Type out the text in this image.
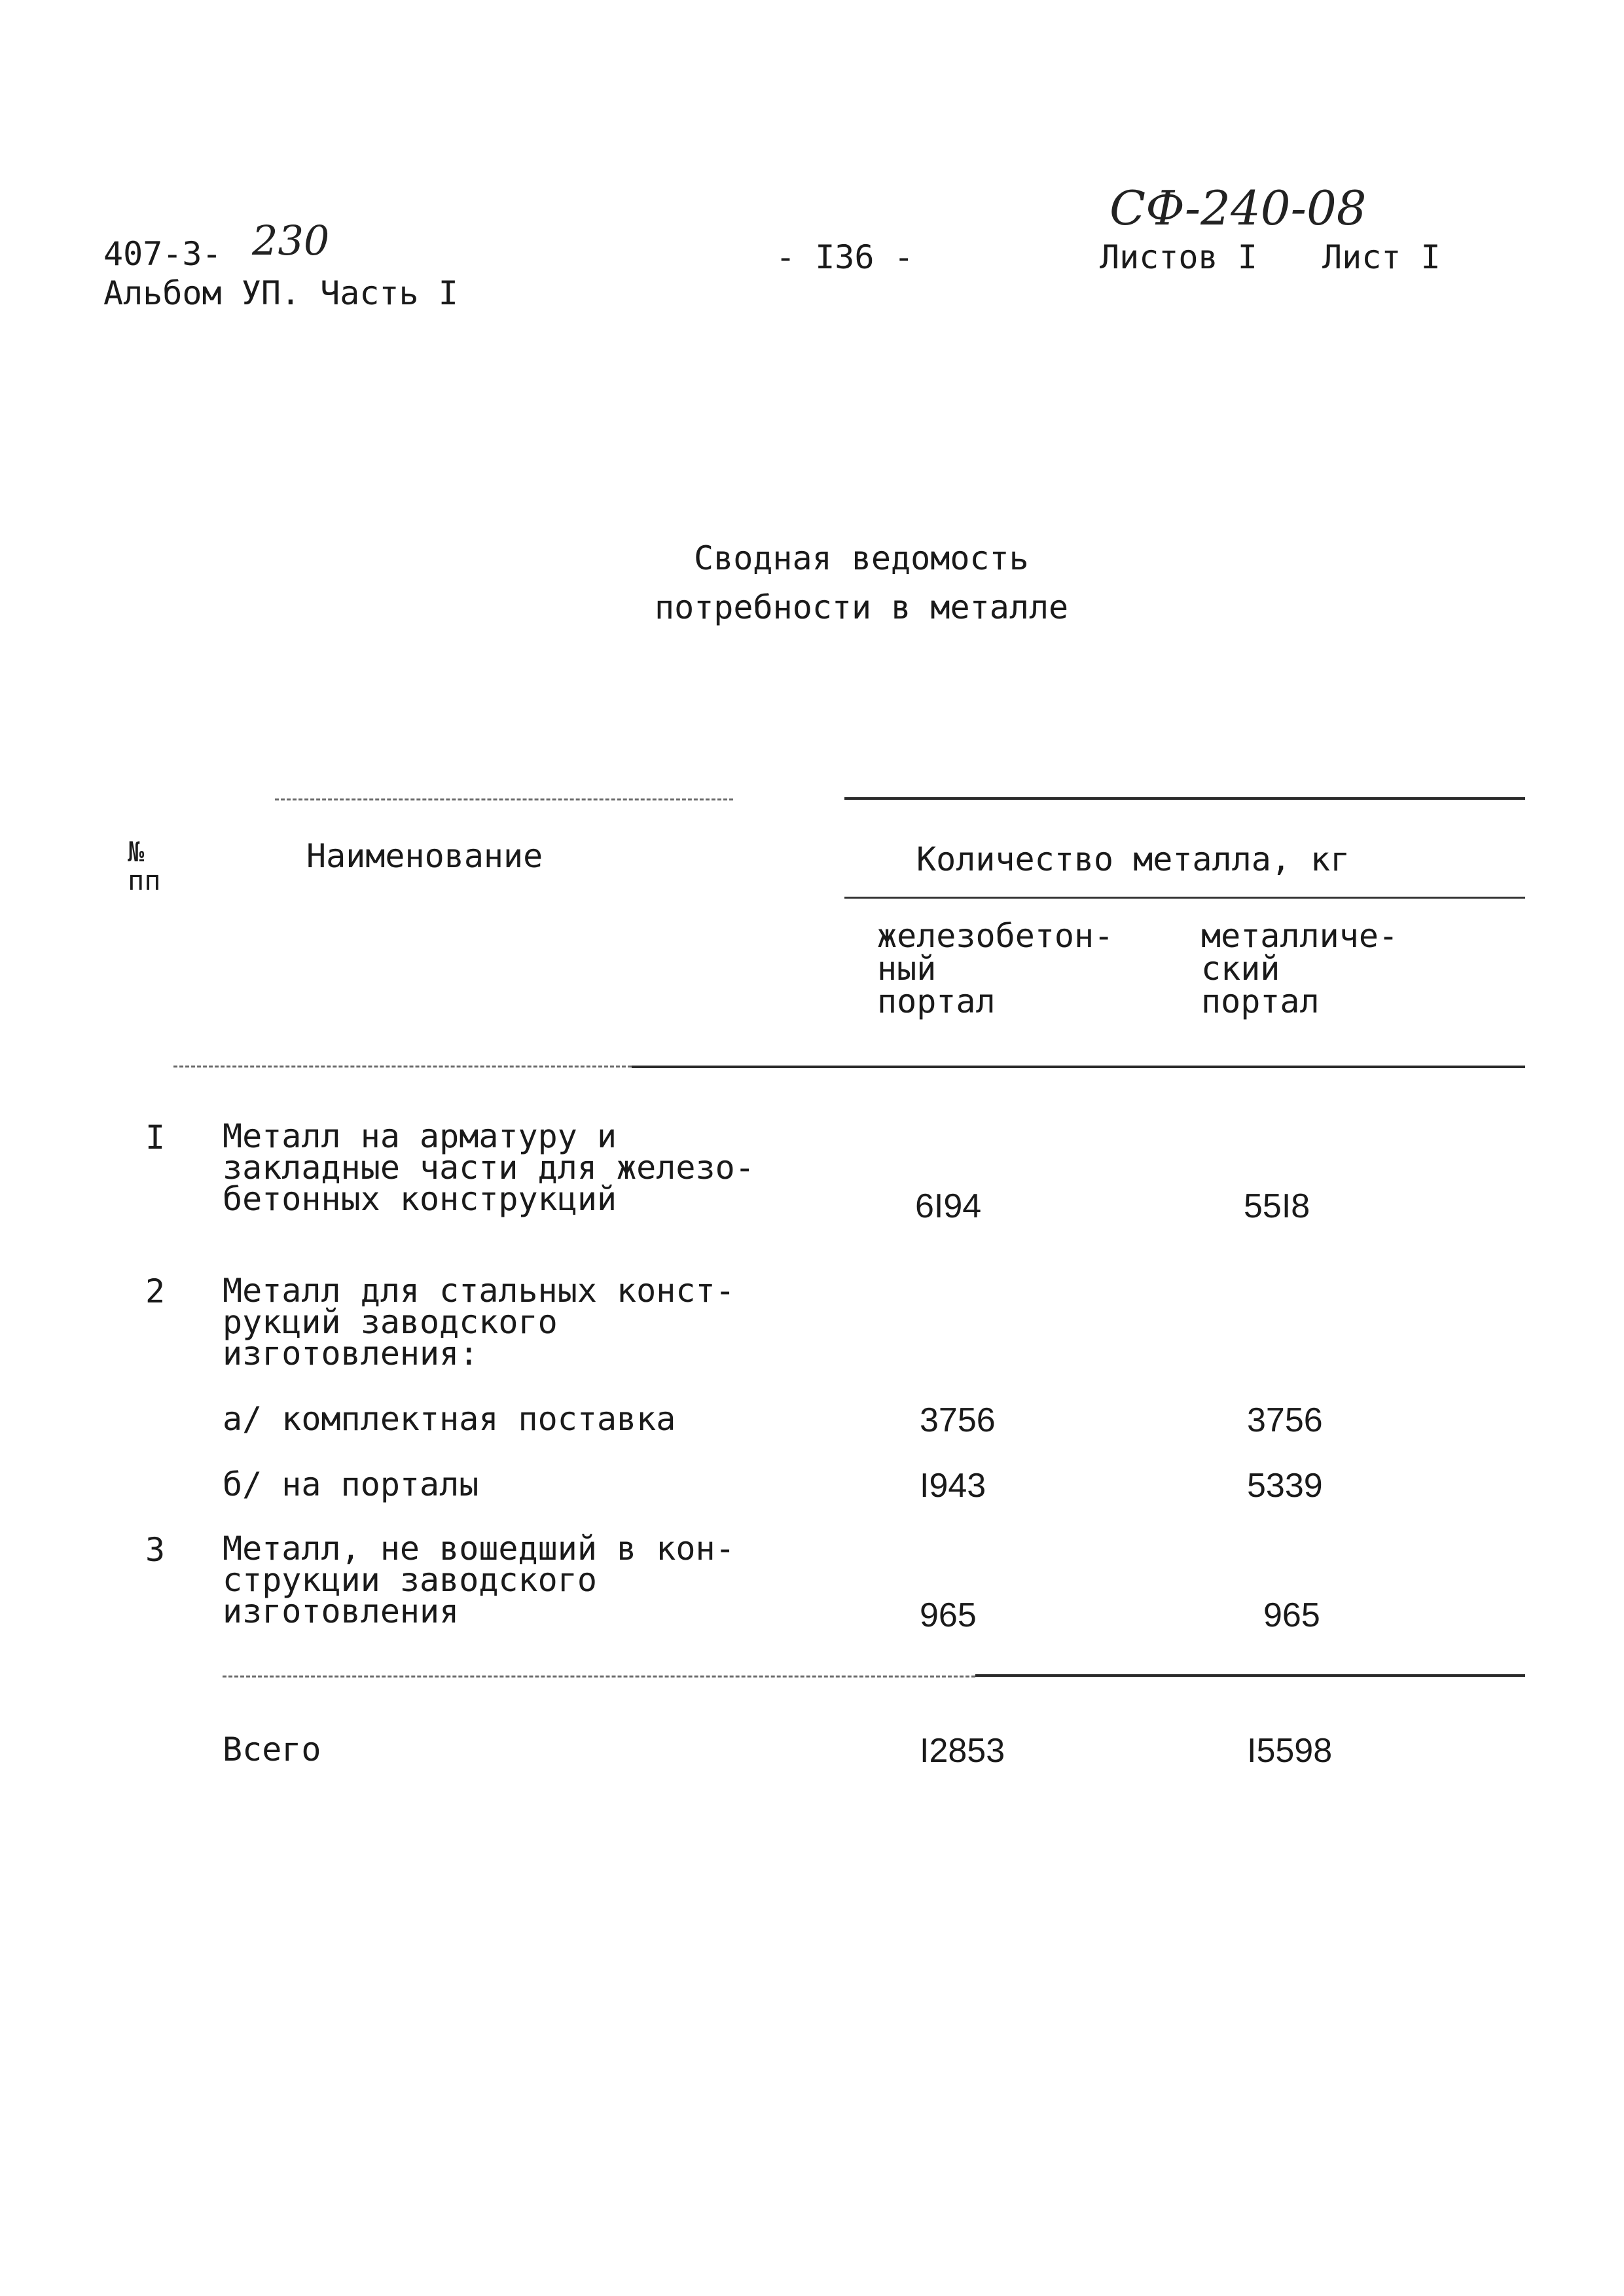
407-3- 230
Альбом УП. Часть I
- I36 -
СФ-240-08
Листов I Лист I
Сводная ведомость
потребности в металле
№
пп
Наименование	Количество металла, кг
железобетон-
ный
портал
металличе-
ский
портал
I Металл на арматуру и
закладные части для железо-
бетонных конструкций	6I94	55I8
2 Металл для стальных конст-
рукций заводского
изготовления:
а/ комплектная поставка	3756	3756
б/ на порталы	I943	5339
3 Металл, не вошедший в кон-
струкции заводского
изготовления	965	965
Всего	I2853	I5598
